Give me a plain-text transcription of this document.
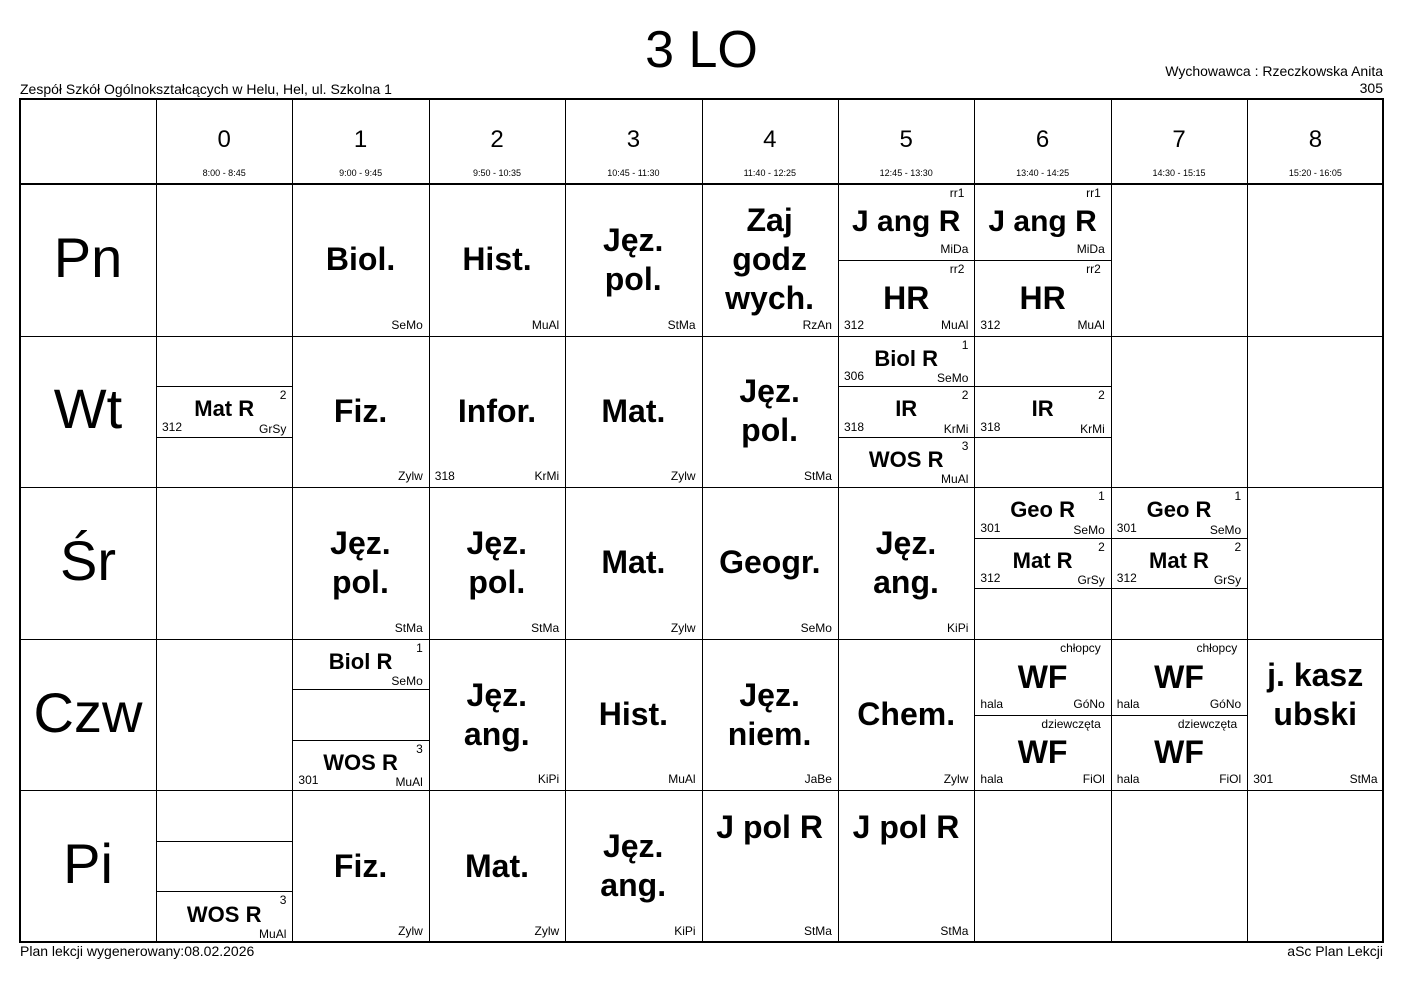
3 LO
Zespół Szkół Ogólnokształcących w Helu, Hel, ul. Szkolna 1
Wychowawca : Rzeczkowska Anita
305
0
8:00 - 8:45
1
9:00 - 9:45
2
9:50 - 10:35
3
10:45 - 11:30
4
11:40 - 12:25
5
12:45 - 13:30
6
13:40 - 14:25
7
14:30 - 15:15
8
15:20 - 16:05
Pn
Wt
Śr
Czw
Pi
Biol.
SeMo
Hist.
MuAl
Jęz. pol.
StMa
Zaj godz wych.
RzAn
J ang R
MiDa
rr1
HR
MuAl
312
rr2
J ang R
MiDa
rr1
HR
MuAl
312
rr2
Mat R
GrSy
312
2	Fiz.
Zylw
Infor.
KrMi
318
Mat.
Zylw
Jęz. pol.
StMa
Biol R
SeMo
306
1
IR
KrMi
318
2
WOS R
MuAl
3
IR
KrMi
318
2
Jęz. pol.
StMa
Jęz. pol.
StMa
Mat.
Zylw
Geogr.
SeMo
Jęz. ang.
KiPi
Geo R
SeMo
301
1
Mat R
GrSy
312
2
Geo R
SeMo
301
1
Mat R
GrSy
312
2
Biol R
SeMo
1
WOS R
MuAl
301
3
Jęz. ang.
KiPi
Hist.
MuAl
Jęz. niem.
JaBe
Chem.
Zylw
WF
GóNo
hala
chłopcy
WF
FiOl
hala
dziewczęta
WF
GóNo
hala
chłopcy
WF
FiOl
hala
dziewczęta
j. kasz ubski
StMa
301
WOS R
MuAl
3
Fiz.
Zylw
Mat.
Zylw
Jęz. ang.
KiPi
J pol R
StMa
J pol R
StMa
Plan lekcji wygenerowany:08.02.2026	aSc Plan Lekcji
